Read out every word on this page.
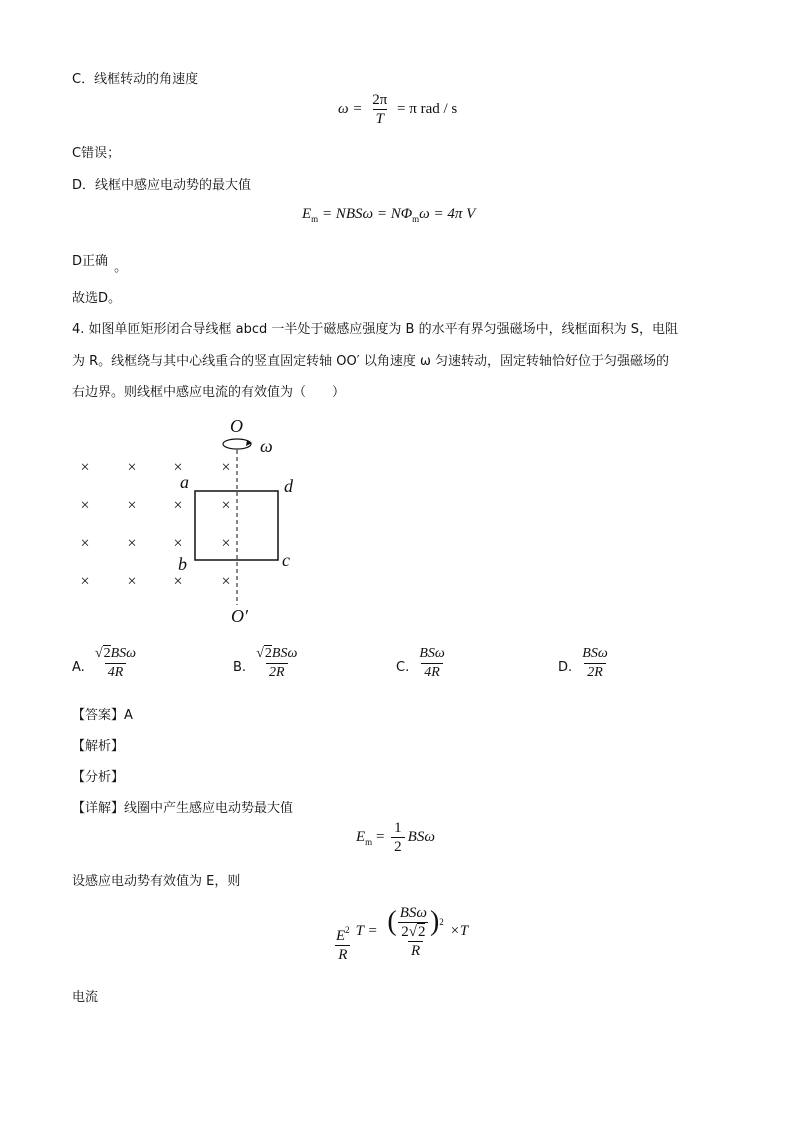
C．线框转动的角速度
$\omega = \frac{2\pi}{T} = \pi$ rad / s
C错误；
D．线框中感应电动势的最大值
$E_m = NBS\omega = N\Phi_m\omega = 4\pi$ V
D正确 。
故选D。
4. 如图单匝矩形闭合导线框 abcd 一半处于磁感应强度为 B 的水平有界匀强磁场中，线框面积为 S，电阻
为 R。线框绕与其中心线重合的竖直固定转轴 OO′ 以角速度 ω 匀速转动，固定转轴恰好位于匀强磁场的
右边界。则线框中感应电流的有效值为（　　）
× × × ×
× × × ×
× × × ×
× × × ×
O
ω
a	d
b	c
O′
A. $\frac{\text{√2BSω}}{4R}$	B. $\frac{\text{√2BSω}}{2R}$	C. $\frac{\text{BSω}}{4R}$	D. $\frac{\text{BSω}}{2R}$
【答案】A
【解析】
【分析】
【详解】线圈中产生感应电动势最大值
$E_m = \frac{1}{2}$ BSω
设感应电动势有效值为 E，则
$\frac{E^2}{R}$ $T = \frac{( \frac{\text{BSω}}{2√2} ) 2}{R} \times T$
电流
